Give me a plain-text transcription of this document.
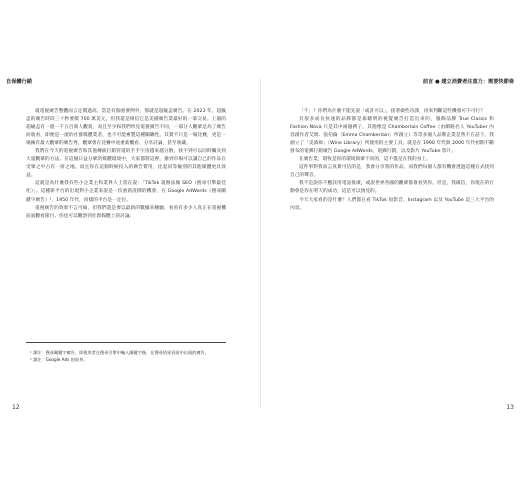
自保體行銷

就電視廣告整體而言定價過高，當是有個重要例外，那就是超級盃廣告。在 2023 年，超級盃的廣告時段三十秒要價 700 萬美元，但我還是相信它是美國廣告業最好的一筆交易。上個的超級盃有一億一千五百萬人觀賞，而且至少和我們所見電視廣告不同，一部分人觀眾是為了廣告而收看，即便是一流的社群媒體業者，也不可能複製這種關聯性。其實不只是一場比賽，更是一場擁有最大觀眾的廣告秀，觀眾會在比賽中途重新觀看、分享討論，甚至收藏。

我們在今天的電視廣告和其他傳統行銷管道的手手宇宙越來越分散，找不到可以同時觸及到大量觀眾的方法。在這個日益分眾的媒體環境中，大家都將這裡，搶到市場可以讓自己的作品在受眾之中占有一席之地。而且你在這個時候投入的廣告費用，比起同等級別的其他媒體更具效益。

這就是為什麼我有些小企業主和業界人士當在說：「TikTok 就辦法做 SEO（搜尋引擎最佳化）」。這種新平台的出現對小企業來說是一次重新洗牌的機會，在 Google AdWords（搜尋關鍵字廣告）¹，1950 年代，同樣的平台是一定位。

電視廣告的效果不言可喻，但我們還是要以最新的數據來檢驗，看看有多少人真正在電視機前面觀看節目。你也可以觀察到社群媒體上的討論。

¹ 譯注：搜尋關鍵字廣告，即使用者在搜尋引擎中輸入關鍵字後，在搜尋結果頁面中出現的廣告。

² 譯注：Google Ads 的前身。

12
前言 ● 建立消費者注意力：需要快節奏

「不」？你們為什麼不能先說「或許可以」，接著做些功課，再來判斷這些機會可不可行？

有很多成長快速的品牌都是靠聰明的視覺廣告打造出來的，服飾品牌 True Classic 和 Fashion Nova 只是其中兩個例子，其他像是 Chamberlain Coffee（由網路名人 YouTuber 內容創作者艾瑪．張伯倫〔Emma Chamberlain〕所創立）等等多個人品牌企業是然不在話下。我創立了「美酒庫」（Wine Library）所使用的主要工具，就是在 1990 年代與 2000 年代初期不斷發布的電郵行銷廣告 Google AdWords，電郵行銷，以及影片 YouTube 影片。

在廣告業，環牧是你的環境與眾不同的，這不僅是在我的身上。

這件事對我而言真實可信的是，我會分享我的作品，而我們每個人都有機會透過這種方式找到自己的聲音。

我不是說你不應該用電話推廣，或說世界各國的觀眾都會看到你。但是，我確信，你現在的行動會是你在明天的成功，這是可以預見的。

今天大家看的是什麼？人們都在看 TikTok 短影音、Instagram 以及 YouTube 這三大平台的內容。

13
